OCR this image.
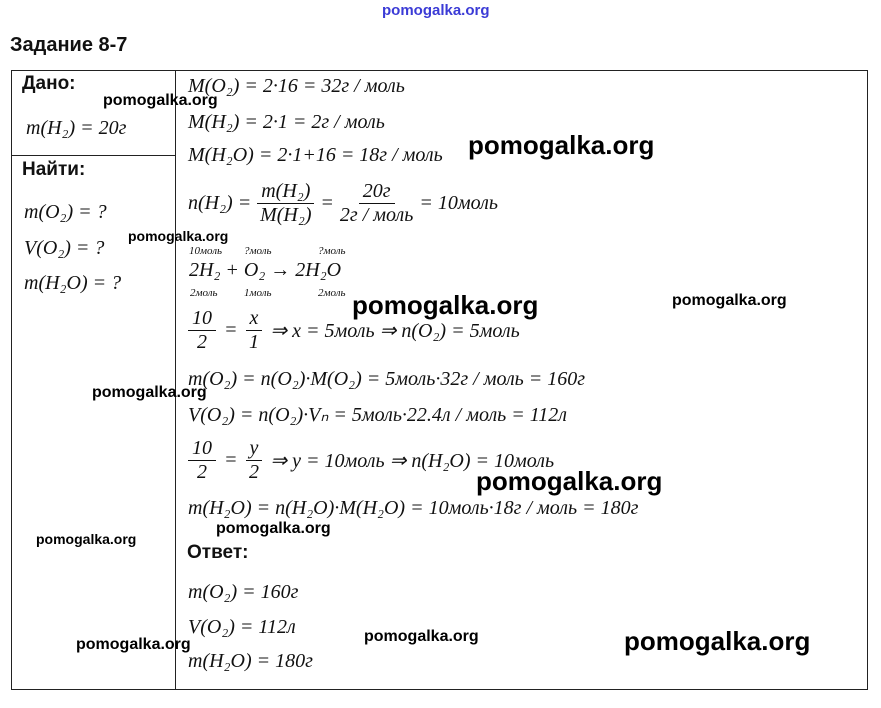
pomogalka.org
Задание 8-7
Дано:
m(H₂) = 20г
Найти:
m(O₂) = ?
V(O₂) = ?
m(H₂O) = ?
M(O₂) = 2·16 = 32г / моль
M(H₂) = 2·1 = 2г / моль
M(H₂O) = 2·1+16 = 18г / моль
$n(H_2) = \frac{\text{m(H₂)}}{\text{M(H₂)}} = \frac{20г}{\text{2г / моль}}$ = 10моль
10моль ?моль	?моль
2H₂ + O₂ → 2H₂O
2моль 1моль	2моль
$\frac{10}{2} = \frac{x}{1}$ ⇒ x = 5моль ⇒ n(O₂) = 5моль
m(O₂) = n(O₂)·M(O₂) = 5моль·32г / моль = 160г
V(O₂) = n(O₂)·Vₙ = 5моль·22.4л / моль = 112л
$\frac{10}{2} = \frac{y}{2}$ ⇒ y = 10моль ⇒ n(H₂O) = 10моль
m(H₂O) = n(H₂O)·M(H₂O) = 10моль·18г / моль = 180г
Ответ:
m(O₂) = 160г
V(O₂) = 112л
m(H₂O) = 180г
pomogalka.org
pomogalka.org
pomogalka.org
pomogalka.org	pomogalka.org
pomogalka.org
pomogalka.org
pomogalka.org
pomogalka.org
pomogalka.org	pomogalka.org
pomogalka.org
